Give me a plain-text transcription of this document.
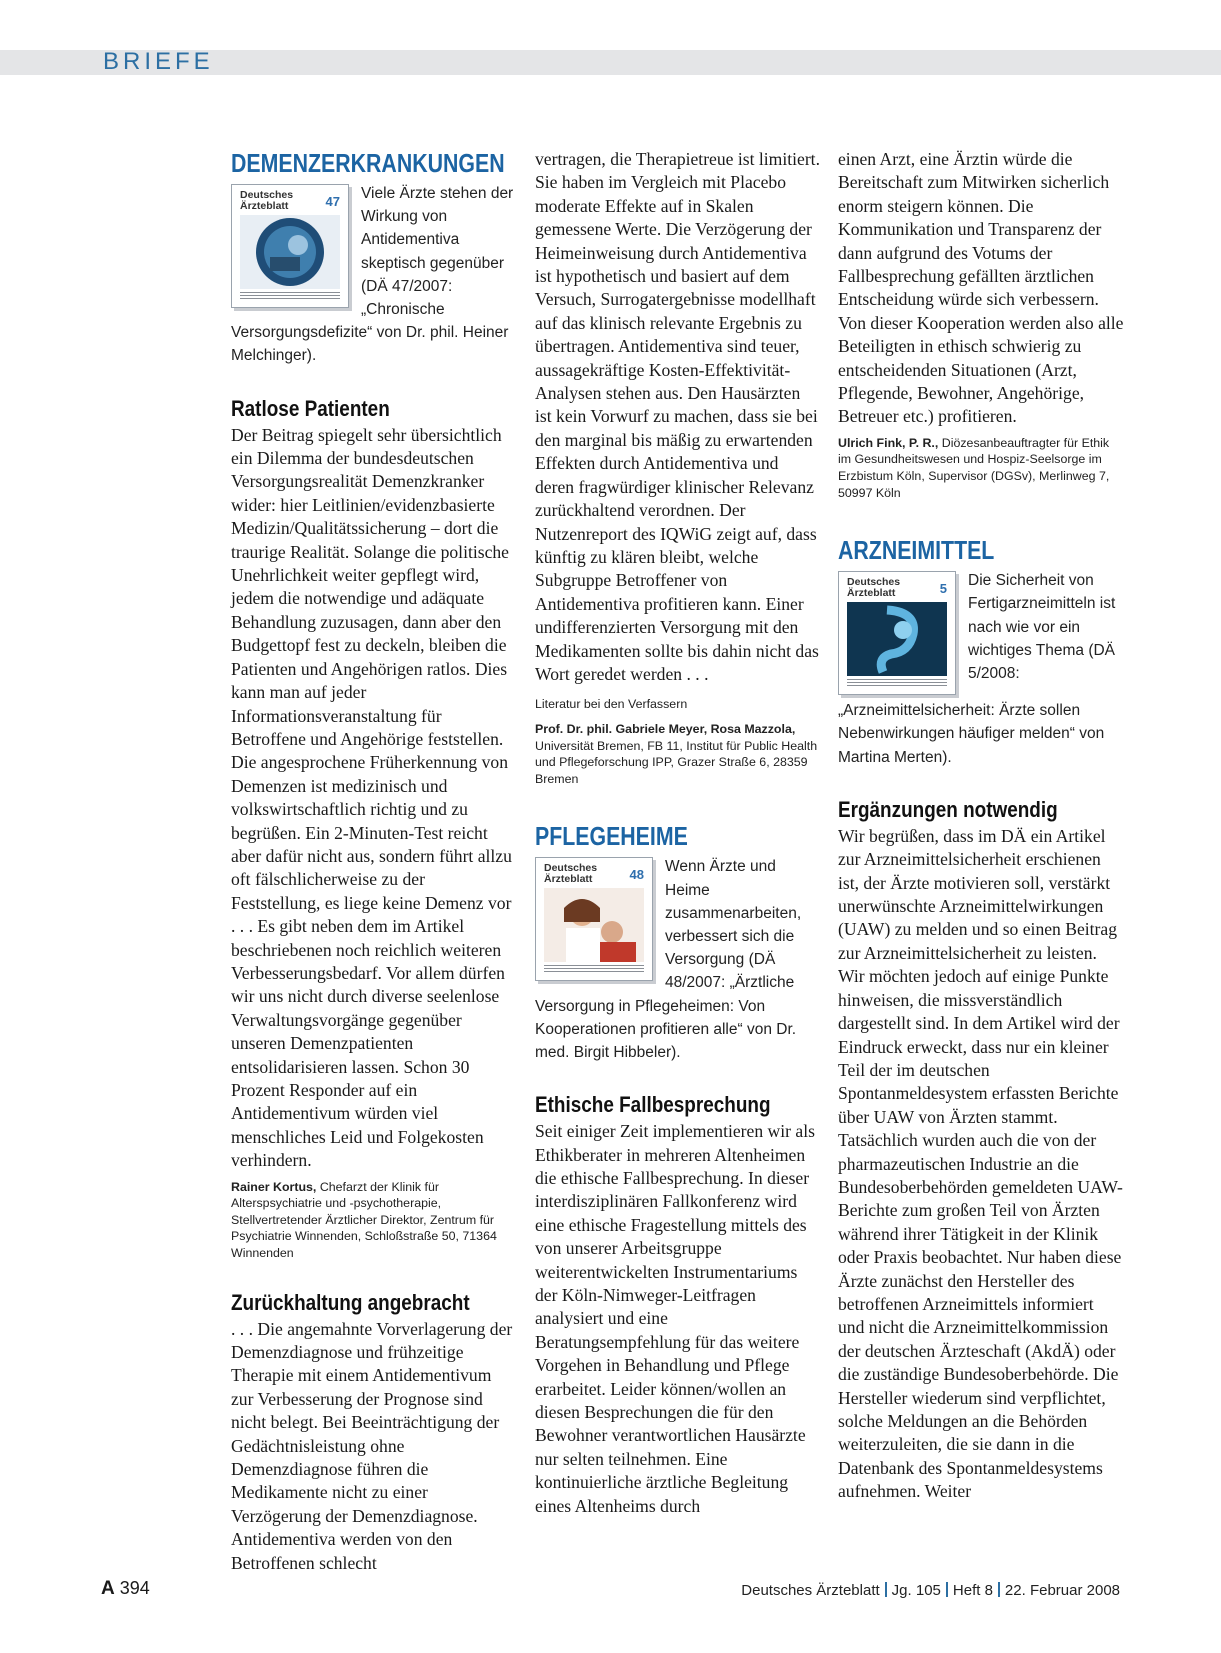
BRIEFE
DEMENZERKRANKUNGEN
Deutsches
Ärzteblatt	47	Viele Ärzte stehen der Wirkung von Antidementiva skeptisch gegenüber (DÄ 47/2007: „Chronische Versorgungsdefizite“ von Dr. phil. Heiner Melchinger).
Ratlose Patienten

Der Beitrag spiegelt sehr übersichtlich ein Dilemma der bundesdeutschen Versorgungsrealität Demenzkranker wider: hier Leitlinien/evidenzbasierte Medizin/Qualitätssicherung – dort die traurige Realität. Solange die politische Unehrlichkeit weiter gepflegt wird, jedem die notwendige und adäquate Behandlung zuzusagen, dann aber den Budgettopf fest zu deckeln, bleiben die Patienten und Angehörigen ratlos. Dies kann man auf jeder Informationsveranstaltung für Betroffene und Angehörige feststellen. Die angesprochene Früherkennung von Demenzen ist medizinisch und volkswirtschaftlich richtig und zu begrüßen. Ein 2-Minuten-Test reicht aber dafür nicht aus, sondern führt allzu oft fälschlicherweise zu der Feststellung, es liege keine Demenz vor . . . Es gibt neben dem im Artikel beschriebenen noch reichlich weiteren Verbesserungsbedarf. Vor allem dürfen wir uns nicht durch diverse seelenlose Verwaltungsvorgänge gegenüber unseren Demenzpatienten entsolidarisieren lassen. Schon 30 Prozent Responder auf ein Antidementivum würden viel menschliches Leid und Folgekosten verhindern.

Rainer Kortus, Chefarzt der Klinik für Alterspsychiatrie und -psychotherapie, Stellvertretender Ärztlicher Direktor, Zentrum für Psychiatrie Winnenden, Schloßstraße 50, 71364 Winnenden

Zurückhaltung angebracht

. . . Die angemahnte Vorverlagerung der Demenzdiagnose und frühzeitige Therapie mit einem Antidementivum zur Verbesserung der Prognose sind nicht belegt. Bei Beeinträchtigung der Gedächtnisleistung ohne Demenzdiagnose führen die Medikamente nicht zu einer Verzögerung der Demenzdiagnose. Antidementiva werden von den Betroffenen schlecht

vertragen, die Therapietreue ist limitiert. Sie haben im Vergleich mit Placebo moderate Effekte auf in Skalen gemessene Werte. Die Verzögerung der Heimeinweisung durch Antidementiva ist hypothetisch und basiert auf dem Versuch, Surrogatergebnisse modellhaft auf das klinisch relevante Ergebnis zu übertragen. Antidementiva sind teuer, aussagekräftige Kosten-Effektivität-Analysen stehen aus. Den Hausärzten ist kein Vorwurf zu machen, dass sie bei den marginal bis mäßig zu erwartenden Effekten durch Antidementiva und deren fragwürdiger klinischer Relevanz zurückhaltend verordnen. Der Nutzenreport des IQWiG zeigt auf, dass künftig zu klären bleibt, welche Subgruppe Betroffener von Antidementiva profitieren kann. Einer undifferenzierten Versorgung mit den Medikamenten sollte bis dahin nicht das Wort geredet werden . . .

Literatur bei den Verfassern

Prof. Dr. phil. Gabriele Meyer, Rosa Mazzola,
Universität Bremen, FB 11, Institut für Public Health und Pflegeforschung IPP, Grazer Straße 6, 28359 Bremen

PFLEGEHEIME
Deutsches
Ärzteblatt	48	Wenn Ärzte und Heime zusammenarbeiten, verbessert sich die Versorgung (DÄ 48/2007: „Ärztliche Versorgung in Pflegeheimen: Von Kooperationen profitieren alle“ von Dr. med. Birgit Hibbeler).
Ethische Fallbesprechung

Seit einiger Zeit implementieren wir als Ethikberater in mehreren Altenheimen die ethische Fallbesprechung. In dieser interdisziplinären Fallkonferenz wird eine ethische Fragestellung mittels des von unserer Arbeitsgruppe weiterentwickelten Instrumentariums der Köln-Nimweger-Leitfragen analysiert und eine Beratungsempfehlung für das weitere Vorgehen in Behandlung und Pflege erarbeitet. Leider können/wollen an diesen Besprechungen die für den Bewohner verantwortlichen Hausärzte nur selten teilnehmen. Eine kontinuierliche ärztliche Begleitung eines Altenheims durch

einen Arzt, eine Ärztin würde die Bereitschaft zum Mitwirken sicherlich enorm steigern können. Die Kommunikation und Transparenz der dann aufgrund des Votums der Fallbesprechung gefällten ärztlichen Entscheidung würde sich verbessern. Von dieser Kooperation werden also alle Beteiligten in ethisch schwierig zu entscheidenden Situationen (Arzt, Pflegende, Bewohner, Angehörige, Betreuer etc.) profitieren.

Ulrich Fink, P. R., Diözesanbeauftragter für Ethik im Gesundheitswesen und Hospiz-Seelsorge im Erzbistum Köln, Supervisor (DGSv), Merlinweg 7, 50997 Köln

ARZNEIMITTEL
Deutsches
Ärzteblatt	5	Die Sicherheit von Fertigarzneimitteln ist nach wie vor ein wichtiges Thema (DÄ 5/2008: „Arzneimittelsicherheit: Ärzte sollen Nebenwirkungen häufiger melden“ von Martina Merten).
Ergänzungen notwendig

Wir begrüßen, dass im DÄ ein Artikel zur Arzneimittelsicherheit erschienen ist, der Ärzte motivieren soll, verstärkt unerwünschte Arzneimittelwirkungen (UAW) zu melden und so einen Beitrag zur Arzneimittelsicherheit zu leisten. Wir möchten jedoch auf einige Punkte hinweisen, die missverständlich dargestellt sind. In dem Artikel wird der Eindruck erweckt, dass nur ein kleiner Teil der im deutschen Spontanmeldesystem erfassten Berichte über UAW von Ärzten stammt. Tatsächlich wurden auch die von der pharmazeutischen Industrie an die Bundesoberbehörden gemeldeten UAW-Berichte zum großen Teil von Ärzten während ihrer Tätigkeit in der Klinik oder Praxis beobachtet. Nur haben diese Ärzte zunächst den Hersteller des betroffenen Arzneimittels informiert und nicht die Arzneimittelkommission der deutschen Ärzteschaft (AkdÄ) oder die zuständige Bundesoberbehörde. Die Hersteller wiederum sind verpflichtet, solche Meldungen an die Behörden weiterzuleiten, die sie dann in die Datenbank des Spontanmeldesystems aufnehmen. Weiter

A 394	Deutsches Ärzteblatt Jg. 105 Heft 8 22. Februar 2008
